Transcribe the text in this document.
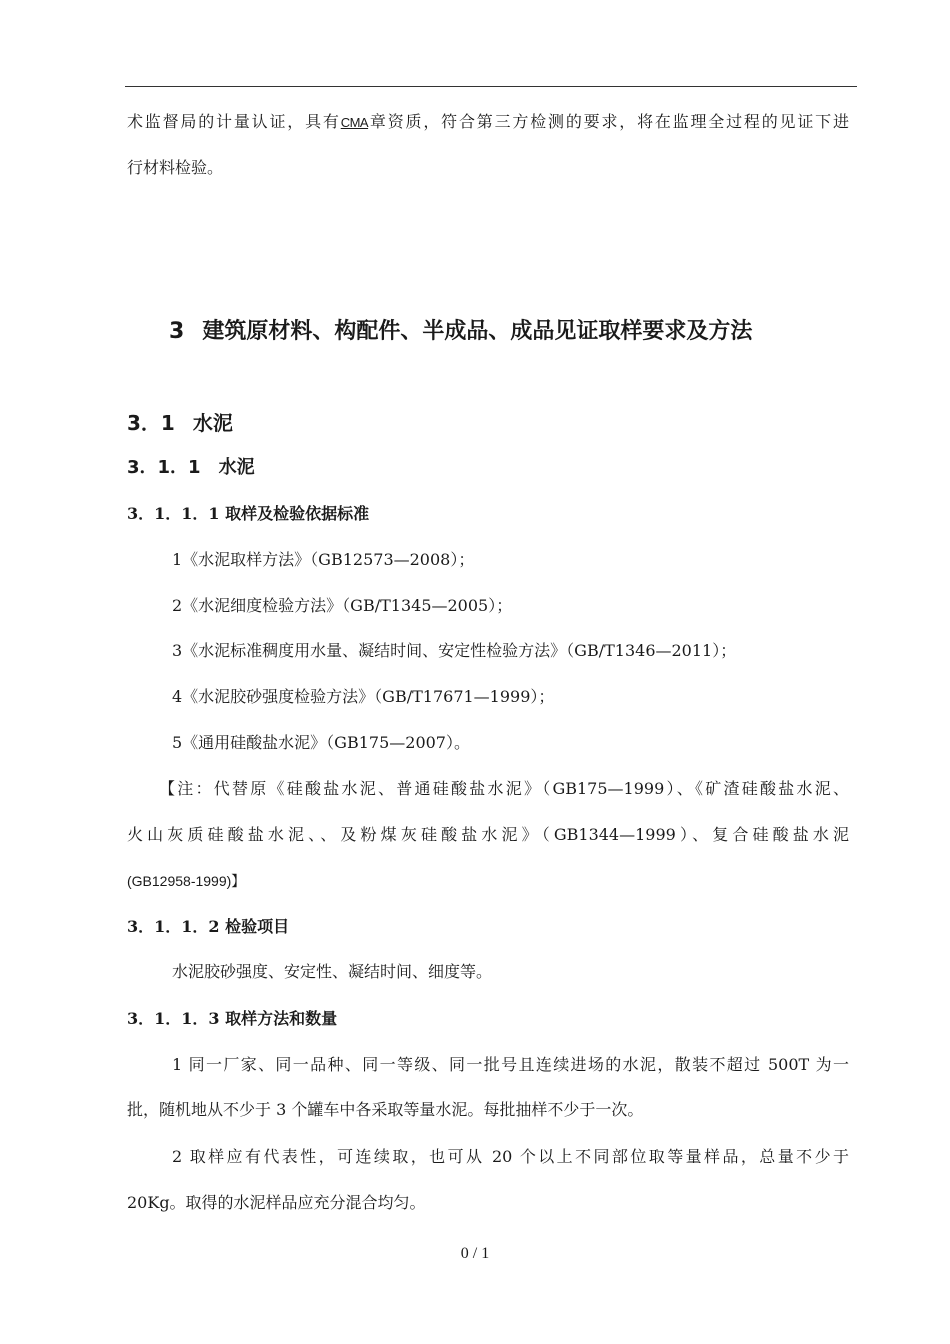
术监督局的计量认证，具有CMA章资质，符合第三方检测的要求，将在监理全过程的见证下进
行材料检验。
3 建筑原材料、构配件、半成品、成品见证取样要求及方法
3．1 水泥
3．1．1 水泥
3．1．1．1 取样及检验依据标准
1《水泥取样方法》（GB12573—2008）；
2《水泥细度检验方法》（GB/T1345—2005）；
3《水泥标准稠度用水量、凝结时间、安定性检验方法》（GB/T1346—2011）；
4《水泥胶砂强度检验方法》（GB/T17671—1999）；
5《通用硅酸盐水泥》（GB175—2007）。
【注：代替原《硅酸盐水泥、普通硅酸盐水泥》（GB175—1999）、《矿渣硅酸盐水泥、
火山灰质硅酸盐水泥、、及粉煤灰硅酸盐水泥》（GB1344—1999）、复合硅酸盐水泥
(GB12958-1999)】
3．1．1．2 检验项目
水泥胶砂强度、安定性、凝结时间、细度等。
3．1．1．3 取样方法和数量
1 同一厂家、同一品种、同一等级、同一批号且连续进场的水泥，散装不超过 500T 为一
批，随机地从不少于 3 个罐车中各采取等量水泥。每批抽样不少于一次。
2 取样应有代表性，可连续取，也可从 20 个以上不同部位取等量样品，总量不少于
20Kg。取得的水泥样品应充分混合均匀。
0 / 1
